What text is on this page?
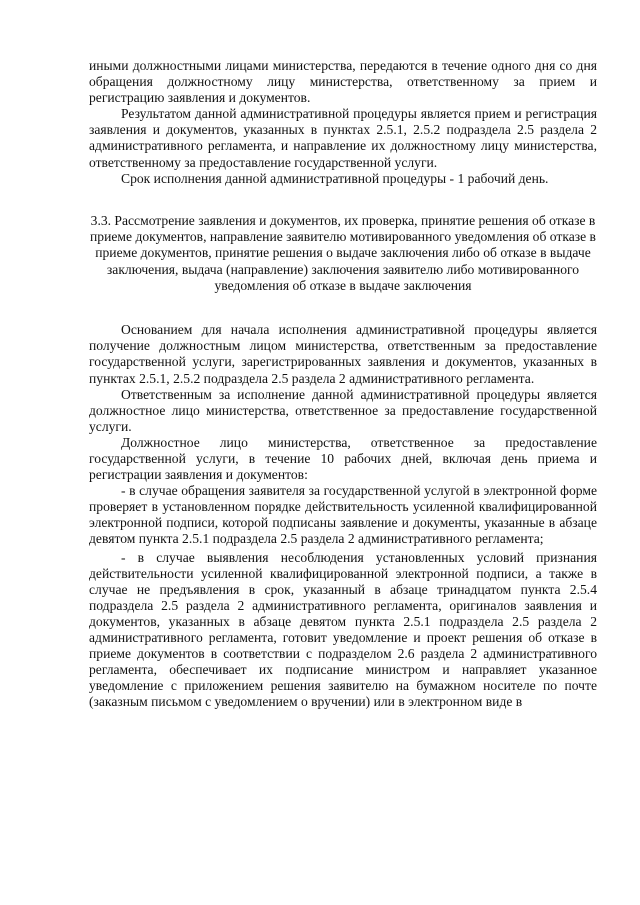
иными должностными лицами министерства, передаются в течение одного дня со дня обращения должностному лицу министерства, ответственному за прием и регистрацию заявления и документов.

Результатом данной административной процедуры является прием и регистрация заявления и документов, указанных в пунктах 2.5.1, 2.5.2 подраздела 2.5 раздела 2 административного регламента, и направление их должностному лицу министерства, ответственному за предоставление государственной услуги.

Срок исполнения данной административной процедуры - 1 рабочий день.

3.3. Рассмотрение заявления и документов, их проверка, принятие решения об отказе в приеме документов, направление заявителю мотивированного уведомления об отказе в приеме документов, принятие решения о выдаче заключения либо об отказе в выдаче заключения, выдача (направление) заключения заявителю либо мотивированного уведомления об отказе в выдаче заключения

Основанием для начала исполнения административной процедуры является получение должностным лицом министерства, ответственным за предоставление государственной услуги, зарегистрированных заявления и документов, указанных в пунктах 2.5.1, 2.5.2 подраздела 2.5 раздела 2 административного регламента.

Ответственным за исполнение данной административной процедуры является должностное лицо министерства, ответственное за предоставление государственной услуги.

Должностное лицо министерства, ответственное за предоставление государственной услуги, в течение 10 рабочих дней, включая день приема и регистрации заявления и документов:

- в случае обращения заявителя за государственной услугой в электронной форме проверяет в установленном порядке действительность усиленной квалифицированной электронной подписи, которой подписаны заявление и документы, указанные в абзаце девятом пункта 2.5.1 подраздела 2.5 раздела 2 административного регламента;

- в случае выявления несоблюдения установленных условий признания действительности усиленной квалифицированной электронной подписи, а также в случае не предъявления в срок, указанный в абзаце тринадцатом пункта 2.5.4 подраздела 2.5 раздела 2 административного регламента, оригиналов заявления и документов, указанных в абзаце девятом пункта 2.5.1 подраздела 2.5 раздела 2 административного регламента, готовит уведомление и проект решения об отказе в приеме документов в соответствии с подразделом 2.6 раздела 2 административного регламента, обеспечивает их подписание министром и направляет указанное уведомление с приложением решения заявителю на бумажном носителе по почте (заказным письмом с уведомлением о вручении) или в электронном виде в
